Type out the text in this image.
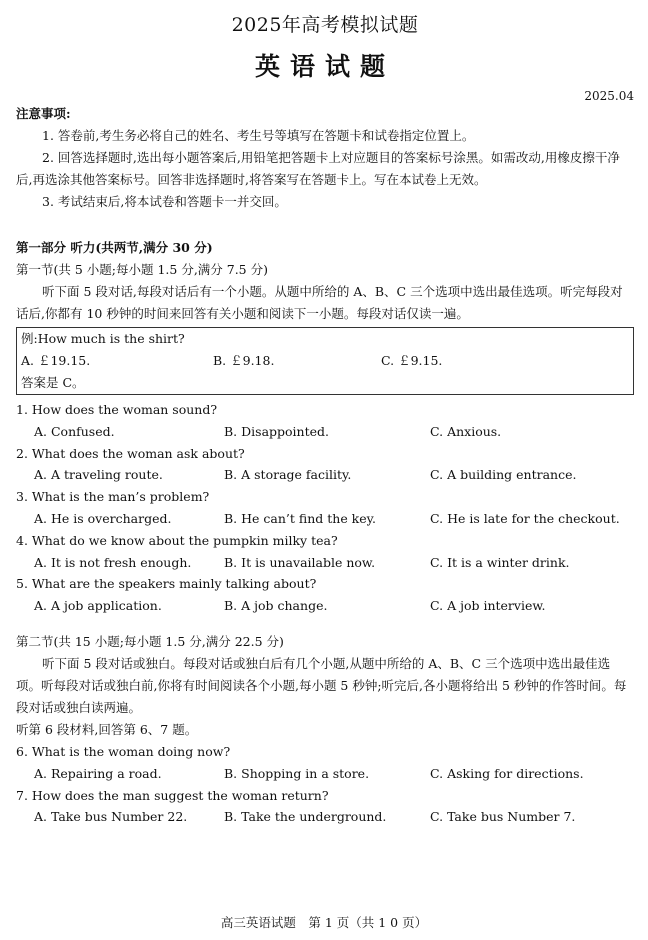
2025年高考模拟试题
英语试题
2025.04
注意事项:
1. 答卷前,考生务必将自己的姓名、考生号等填写在答题卡和试卷指定位置上。
2. 回答选择题时,选出每小题答案后,用铅笔把答题卡上对应题目的答案标号涂黑。如需改动,用橡皮擦干净后,再选涂其他答案标号。回答非选择题时,将答案写在答题卡上。写在本试卷上无效。
3. 考试结束后,将本试卷和答题卡一并交回。
第一部分 听力(共两节,满分 30 分)
第一节(共 5 小题;每小题 1.5 分,满分 7.5 分)
听下面 5 段对话,每段对话后有一个小题。从题中所给的 A、B、C 三个选项中选出最佳选项。听完每段对话后,你都有 10 秒钟的时间来回答有关小题和阅读下一小题。每段对话仅读一遍。
例:How much is the shirt?
A. ￡19.15.	B. ￡9.18.	C. ￡9.15.
答案是 C。
1. How does the woman sound?
A. Confused.	B. Disappointed.	C. Anxious.
2. What does the woman ask about?
A. A traveling route.	B. A storage facility.	C. A building entrance.
3. What is the man’s problem?
A. He is overcharged.	B. He can’t find the key.	C. He is late for the checkout.
4. What do we know about the pumpkin milky tea?
A. It is not fresh enough.	B. It is unavailable now.	C. It is a winter drink.
5. What are the speakers mainly talking about?
A. A job application.	B. A job change.	C. A job interview.
第二节(共 15 小题;每小题 1.5 分,满分 22.5 分)
听下面 5 段对话或独白。每段对话或独白后有几个小题,从题中所给的 A、B、C 三个选项中选出最佳选项。听每段对话或独白前,你将有时间阅读各个小题,每小题 5 秒钟;听完后,各小题将给出 5 秒钟的作答时间。每段对话或独白读两遍。
听第 6 段材料,回答第 6、7 题。
6. What is the woman doing now?
A. Repairing a road.	B. Shopping in a store.	C. Asking for directions.
7. How does the man suggest the woman return?
A. Take bus Number 22.	B. Take the underground.	C. Take bus Number 7.
高三英语试题　第 1 页（共 1 0 页）
